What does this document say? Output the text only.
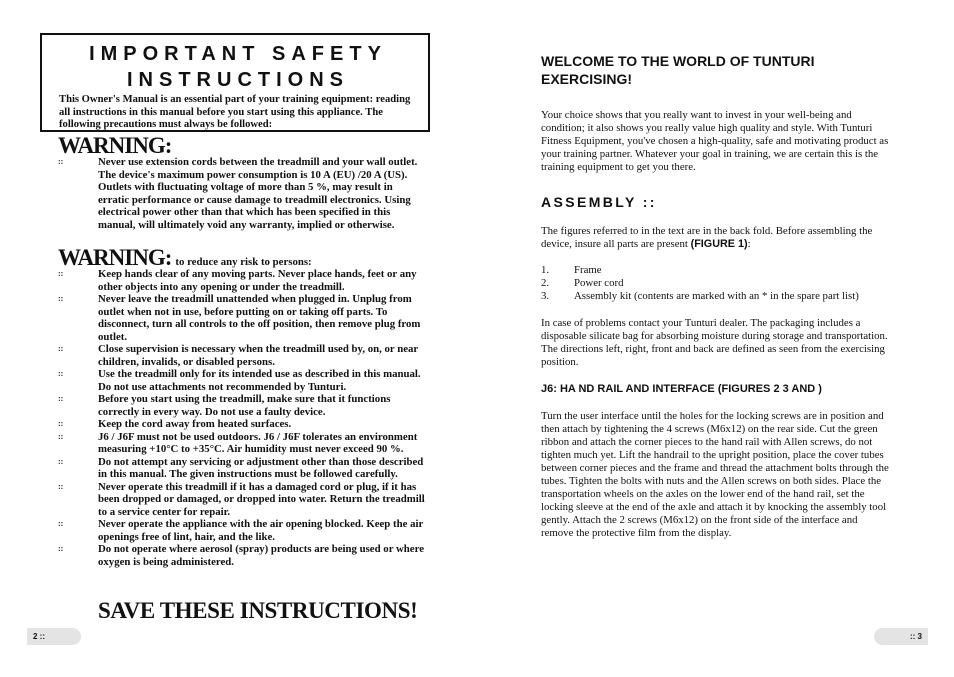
IMPORTANT SAFETY INSTRUCTIONS
This Owner's Manual is an essential part of your training equipment: reading all instructions in this manual before you start using this appliance. The following precautions must always be followed:
WARNING:
::	Never use extension cords between the treadmill and your wall outlet. The device's maximum power consumption is 10 A (EU) /20 A (US). Outlets with fluctuating voltage of more than 5 %, may result in erratic performance or cause damage to treadmill electronics. Using electrical power other than that which has been specified in this manual, will ultimately void any warranty, implied or otherwise.
WARNING: to reduce any risk to persons:
::	Keep hands clear of any moving parts. Never place hands, feet or any other objects into any opening or under the treadmill.
::	Never leave the treadmill unattended when plugged in. Unplug from outlet when not in use, before putting on or taking off parts. To disconnect, turn all controls to the off position, then remove plug from outlet.
::	Close supervision is necessary when the treadmill used by, on, or near children, invalids, or disabled persons.
::	Use the treadmill only for its intended use as described in this manual. Do not use attachments not recommended by Tunturi.
::	Before you start using the treadmill, make sure that it functions correctly in every way. Do not use a faulty device.
::	Keep the cord away from heated surfaces.
::	J6 / J6F must not be used outdoors. J6 / J6F tolerates an environment measuring +10°C to +35°C. Air humidity must never exceed 90 %.
::	Do not attempt any servicing or adjustment other than those described in this manual. The given instructions must be followed carefully.
::	Never operate this treadmill if it has a damaged cord or plug, if it has been dropped or damaged, or dropped into water. Return the treadmill to a service center for repair.
::	Never operate the appliance with the air opening blocked. Keep the air openings free of lint, hair, and the like.
::	Do not operate where aerosol (spray) products are being used or where oxygen is being administered.
SAVE THESE INSTRUCTIONS!
2 ::
WELCOME TO THE WORLD OF TUNTURI EXERCISING!

Your choice shows that you really want to invest in your well-being and condition; it also shows you really value high quality and style. With Tunturi Fitness Equipment, you've chosen a high-quality, safe and motivating product as your training partner. Whatever your goal in training, we are certain this is the training equipment to get you there.

ASSEMBLY ::

The figures referred to in the text are in the back fold. Before assembling the device, insure all parts are present (FIGURE 1):

1. Frame
2. Power cord
3. Assembly kit (contents are marked with an * in the spare part list)

In case of problems contact your Tunturi dealer. The packaging includes a disposable silicate bag for absorbing moisture during storage and transportation. The directions left, right, front and back are defined as seen from the exercising position.

J6: HA ND RAIL AND INTERFACE (FIGURES 2 3 AND )

Turn the user interface until the holes for the locking screws are in position and then attach by tightening the 4 screws (M6x12) on the rear side. Cut the green ribbon and attach the corner pieces to the hand rail with Allen screws, do not tighten much yet. Lift the handrail to the upright position, place the cover tubes between corner pieces and the frame and thread the attachment bolts through the tubes. Tighten the bolts with nuts and the Allen screws on both sides. Place the transportation wheels on the axles on the lower end of the hand rail, set the locking sleeve at the end of the axle and attach it by knocking the assembly tool gently. Attach the 2 screws (M6x12) on the front side of the interface and remove the protective film from the display.

:: 3
